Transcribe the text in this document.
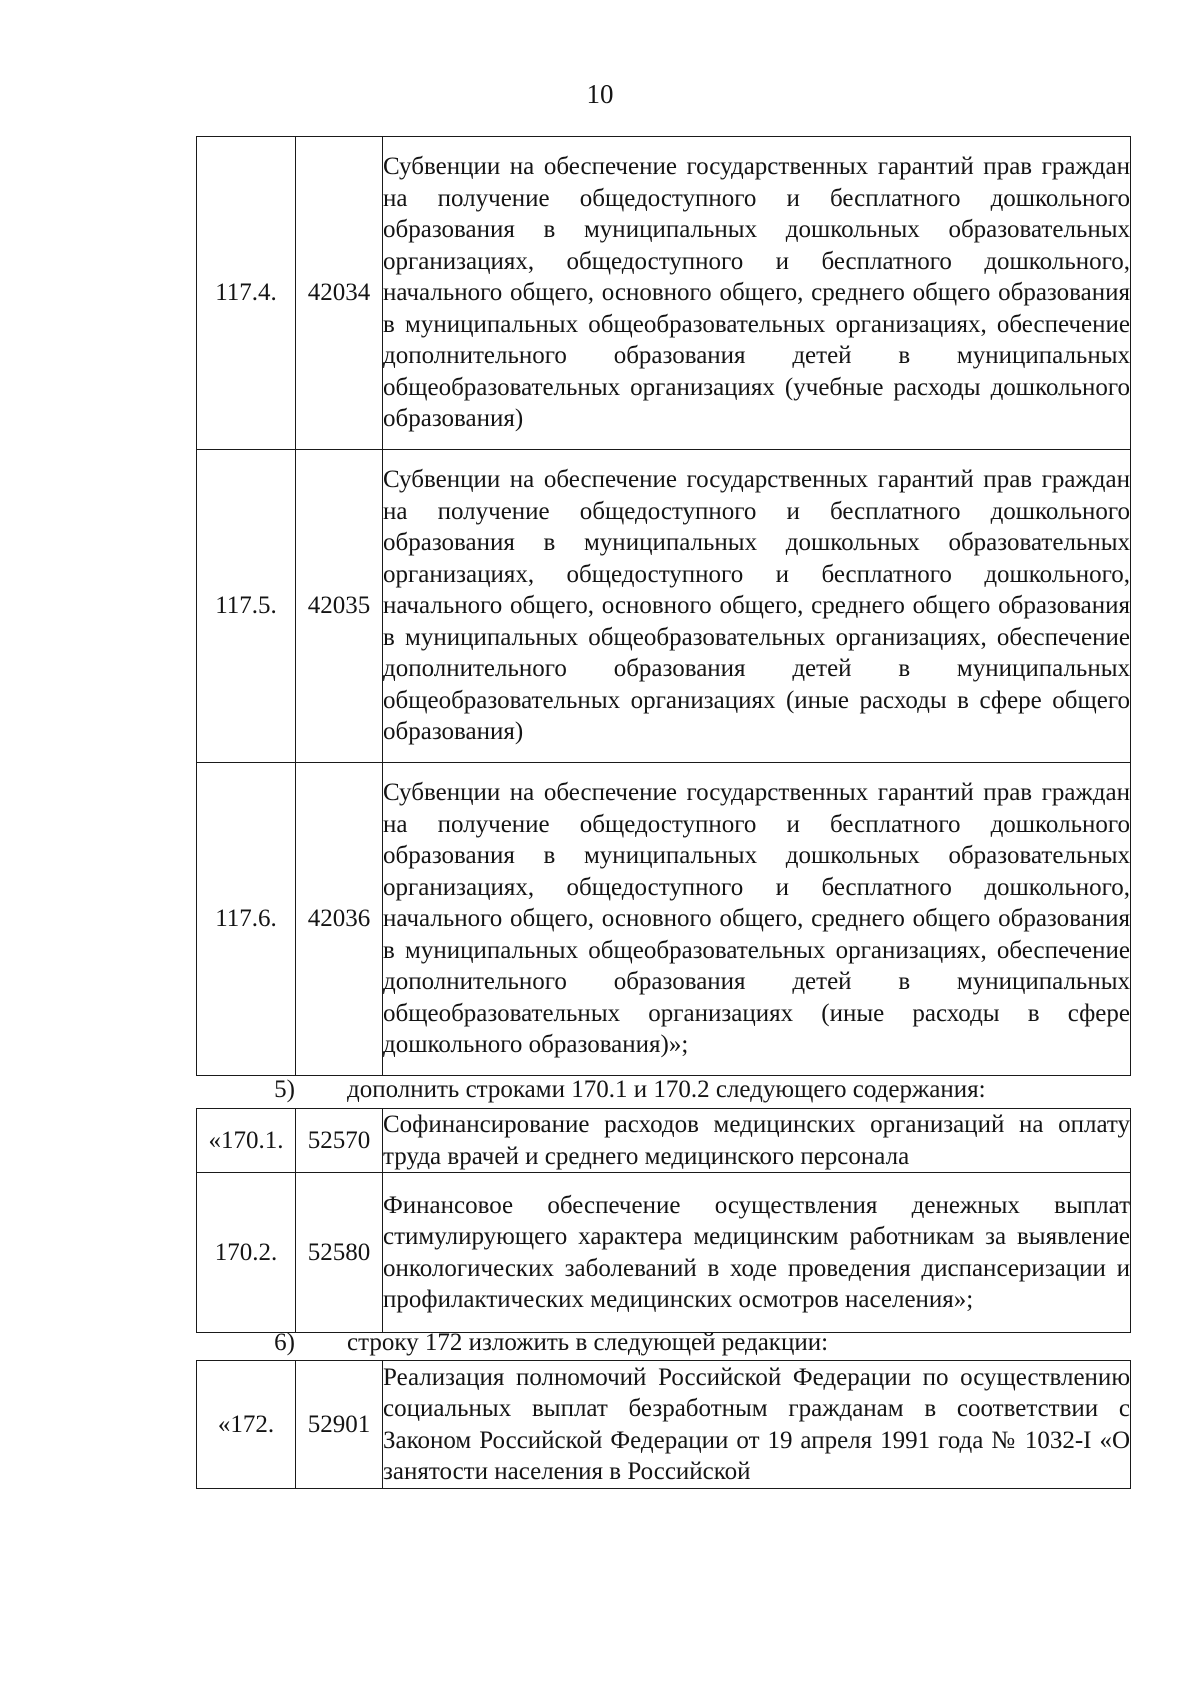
10
117.4.	42034	Субвенции на обеспечение государственных гарантий прав граждан на получение общедоступного и бесплатного дошкольного образования в муниципальных дошкольных образовательных организациях, общедоступного и бесплатного дошкольного, начального общего, основного общего, среднего общего образования в муниципальных общеобразовательных организациях, обеспечение дополнительного образования детей в муниципальных общеобразовательных организациях (учебные расходы дошкольного образования)
117.5.	42035	Субвенции на обеспечение государственных гарантий прав граждан на получение общедоступного и бесплатного дошкольного образования в муниципальных дошкольных образовательных организациях, общедоступного и бесплатного дошкольного, начального общего, основного общего, среднего общего образования в муниципальных общеобразовательных организациях, обеспечение дополнительного образования детей в муниципальных общеобразовательных организациях (иные расходы в сфере общего образования)
117.6.	42036	Субвенции на обеспечение государственных гарантий прав граждан на получение общедоступного и бесплатного дошкольного образования в муниципальных дошкольных образовательных организациях, общедоступного и бесплатного дошкольного, начального общего, основного общего, среднего общего образования в муниципальных общеобразовательных организациях, обеспечение дополнительного образования детей в муниципальных общеобразовательных организациях (иные расходы в сфере дошкольного образования)»;
5) дополнить строками 170.1 и 170.2 следующего содержания:
«170.1.	52570	Софинансирование расходов медицинских организаций на оплату труда врачей и среднего медицинского персонала
170.2.	52580	Финансовое обеспечение осуществления денежных выплат стимулирующего характера медицинским работникам за выявление онкологических заболеваний в ходе проведения диспансеризации и профилактических медицинских осмотров населения»;
6) строку 172 изложить в следующей редакции:
«172.	52901	Реализация полномочий Российской Федерации по осуществлению социальных выплат безработным гражданам в соответствии с Законом Российской Федерации от 19 апреля 1991 года № 1032-I «О занятости населения в Российской
